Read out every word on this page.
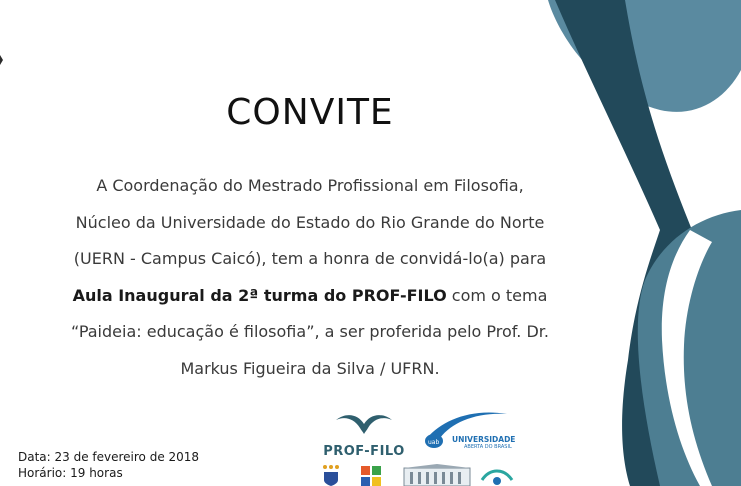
CONVITE
A Coordenação do Mestrado Profissional em Filosofia,
Núcleo da Universidade do Estado do Rio Grande do Norte
(UERN - Campus Caicó), tem a honra de convidá-lo(a) para
Aula Inaugural da 2ª turma do PROF-FILO com o tema
“Paideia: educação é filosofia”, a ser proferida pelo Prof. Dr.
Markus Figueira da Silva / UFRN.
Data: 23 de fevereiro de 2018
Horário: 19 horas
PROF-FILO
uab UNIVERSIDADE
ABERTA DO BRASIL
